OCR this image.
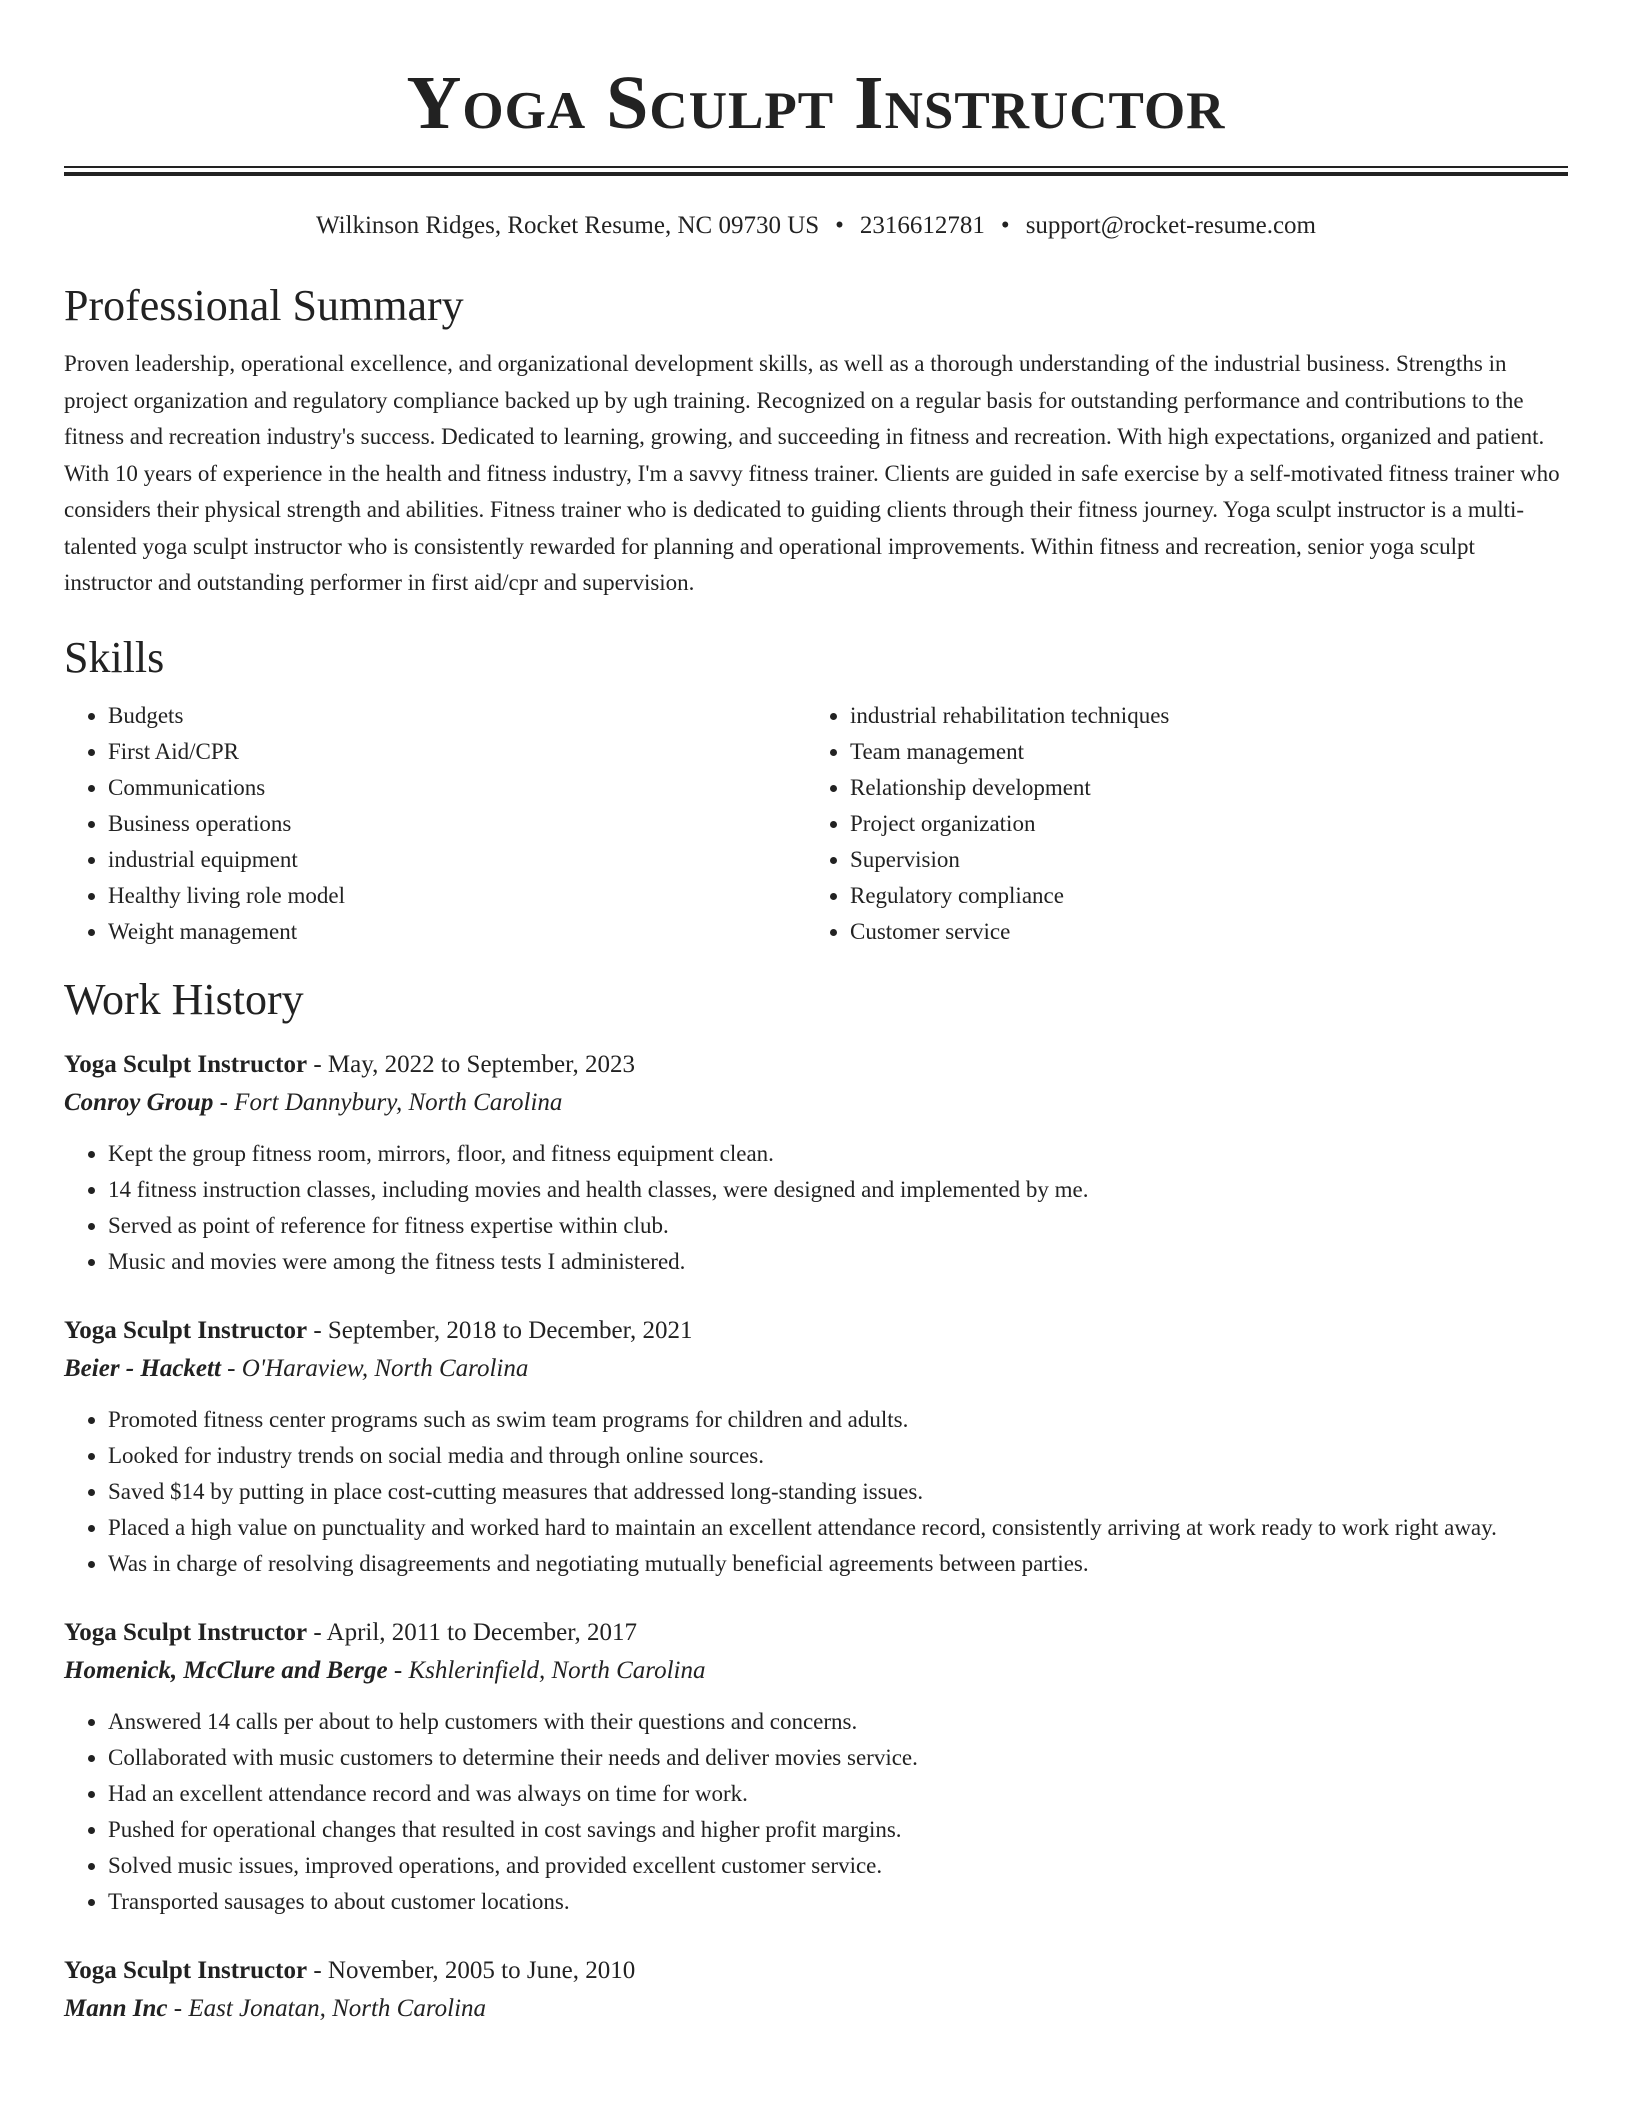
Yoga Sculpt Instructor
Wilkinson Ridges, Rocket Resume, NC 09730 US • 2316612781 • support@rocket-resume.com
Professional Summary

Proven leadership, operational excellence, and organizational development skills, as well as a thorough understanding of the industrial business. Strengths in project organization and regulatory compliance backed up by ugh training. Recognized on a regular basis for outstanding performance and contributions to the fitness and recreation industry's success. Dedicated to learning, growing, and succeeding in fitness and recreation. With high expectations, organized and patient. With 10 years of experience in the health and fitness industry, I'm a savvy fitness trainer. Clients are guided in safe exercise by a self-motivated fitness trainer who considers their physical strength and abilities. Fitness trainer who is dedicated to guiding clients through their fitness journey. Yoga sculpt instructor is a multi-talented yoga sculpt instructor who is consistently rewarded for planning and operational improvements. Within fitness and recreation, senior yoga sculpt instructor and outstanding performer in first aid/cpr and supervision.

Skills
• Budgets
• First Aid/CPR
• Communications
• Business operations
• industrial equipment
• Healthy living role model
• Weight management
• industrial rehabilitation techniques
• Team management
• Relationship development
• Project organization
• Supervision
• Regulatory compliance
• Customer service
Work History
Yoga Sculpt Instructor - May, 2022 to September, 2023
Conroy Group - Fort Dannybury, North Carolina
• Kept the group fitness room, mirrors, floor, and fitness equipment clean.
• 14 fitness instruction classes, including movies and health classes, were designed and implemented by me.
• Served as point of reference for fitness expertise within club.
• Music and movies were among the fitness tests I administered.
Yoga Sculpt Instructor - September, 2018 to December, 2021
Beier - Hackett - O'Haraview, North Carolina
• Promoted fitness center programs such as swim team programs for children and adults.
• Looked for industry trends on social media and through online sources.
• Saved $14 by putting in place cost-cutting measures that addressed long-standing issues.
• Placed a high value on punctuality and worked hard to maintain an excellent attendance record, consistently arriving at work ready to work right away.
• Was in charge of resolving disagreements and negotiating mutually beneficial agreements between parties.
Yoga Sculpt Instructor - April, 2011 to December, 2017
Homenick, McClure and Berge - Kshlerinfield, North Carolina
• Answered 14 calls per about to help customers with their questions and concerns.
• Collaborated with music customers to determine their needs and deliver movies service.
• Had an excellent attendance record and was always on time for work.
• Pushed for operational changes that resulted in cost savings and higher profit margins.
• Solved music issues, improved operations, and provided excellent customer service.
• Transported sausages to about customer locations.
Yoga Sculpt Instructor - November, 2005 to June, 2010
Mann Inc - East Jonatan, North Carolina
